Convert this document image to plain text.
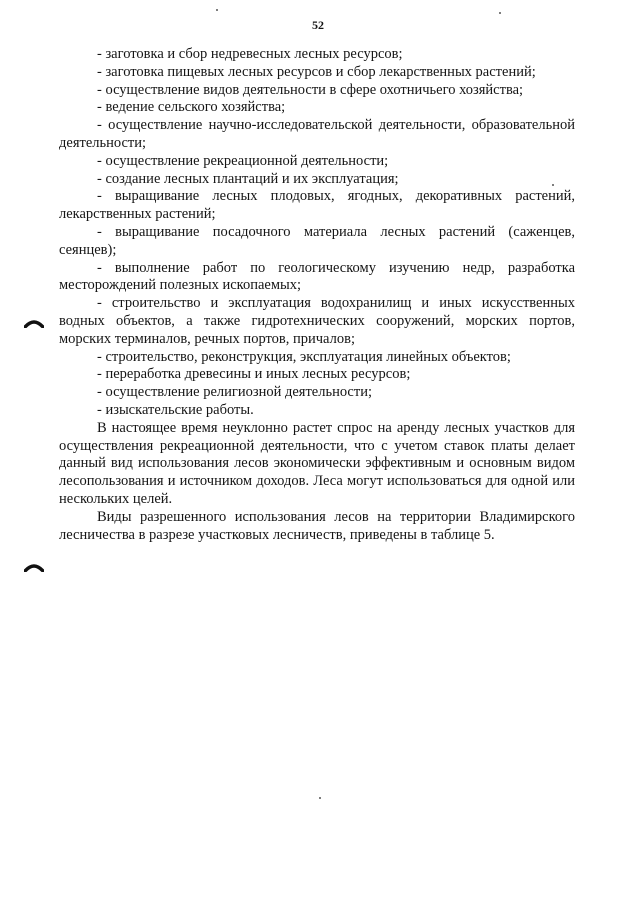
52

- заготовка и сбор недревесных лесных ресурсов;

- заготовка пищевых лесных ресурсов и сбор лекарственных растений;

- осуществление видов деятельности в сфере охотничьего хозяйства;

- ведение сельского хозяйства;

- осуществление научно-исследовательской деятельности, образовательной деятельности;

- осуществление рекреационной деятельности;

- создание лесных плантаций и их эксплуатация;

- выращивание лесных плодовых, ягодных, декоративных растений, лекарственных растений;

- выращивание посадочного материала лесных растений (саженцев, сеянцев);

- выполнение работ по геологическому изучению недр, разработка месторождений полезных ископаемых;

- строительство и эксплуатация водохранилищ и иных искусственных водных объектов, а также гидротехнических сооружений, морских портов, морских терминалов, речных портов, причалов;

- строительство, реконструкция, эксплуатация линейных объектов;

- переработка древесины и иных лесных ресурсов;

- осуществление религиозной деятельности;

- изыскательские работы.

В настоящее время неуклонно растет спрос на аренду лесных участков для осуществления рекреационной деятельности, что с учетом ставок платы делает данный вид использования лесов экономически эффективным и основным видом лесопользования и источником доходов. Леса могут использоваться для одной или нескольких целей.

Виды разрешенного использования лесов на территории Владимирского лесничества в разрезе участковых лесничеств, приведены в таблице 5.
